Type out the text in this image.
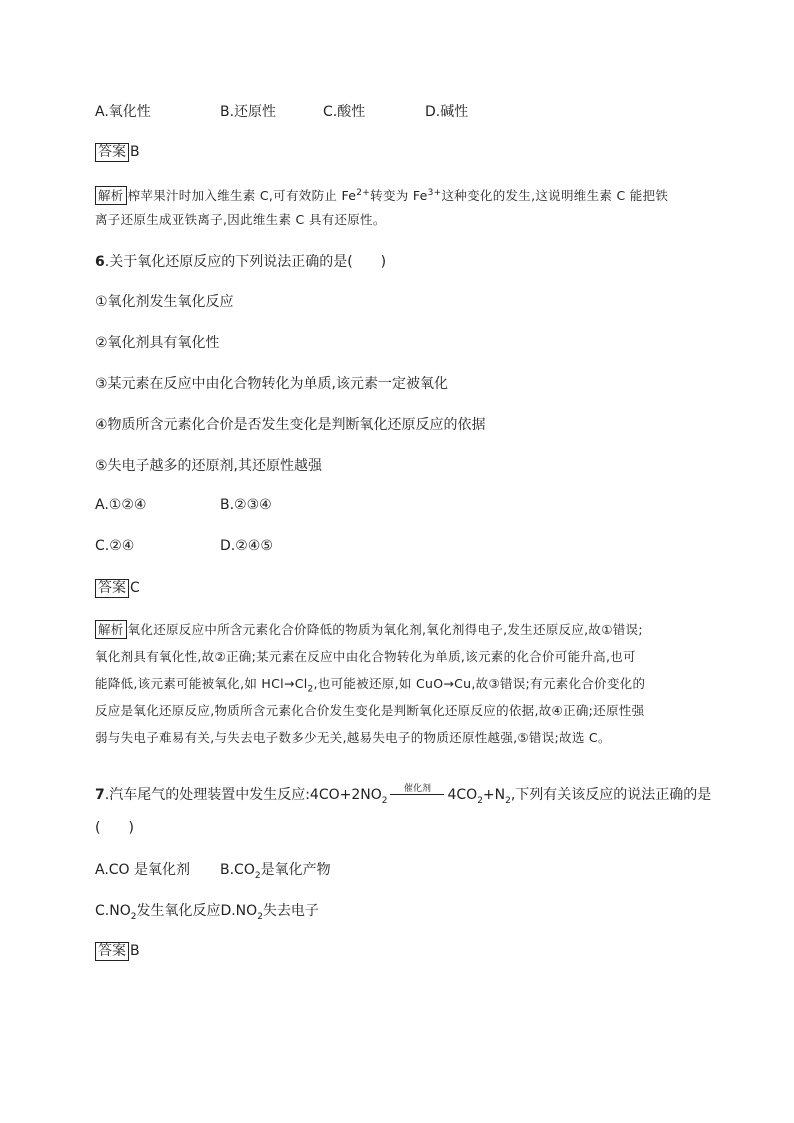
A.氧化性	B.还原性	C.酸性	D.碱性
答案 B
解析 榨苹果汁时加入维生素 C,可有效防止 $Fe^{2+}$转变为 $Fe^{3+}$这种变化的发生,这说明维生素 C 能把铁
离子还原生成亚铁离子,因此维生素 C 具有还原性。
6.关于氧化还原反应的下列说法正确的是(　　)
①氧化剂发生氧化反应
②氧化剂具有氧化性
③某元素在反应中由化合物转化为单质,该元素一定被氧化
④物质所含元素化合价是否发生变化是判断氧化还原反应的依据
⑤失电子越多的还原剂,其还原性越强
A.①②④	B.②③④
C.②④	D.②④⑤
答案 C
解析 氧化还原反应中所含元素化合价降低的物质为氧化剂,氧化剂得电子,发生还原反应,故①错误;
氧化剂具有氧化性,故②正确;某元素在反应中由化合物转化为单质,该元素的化合价可能升高,也可
能降低,该元素可能被氧化,如 $HCl\to Cl_2$,也可能被还原,如 CuO→Cu,故③错误;有元素化合价变化的
反应是氧化还原反应,物质所含元素化合价发生变化是判断氧化还原反应的依据,故④正确;还原性强
弱与失电子难易有关,与失去电子数多少无关,越易失电子的物质还原性越强,⑤错误;故选 C。
7.汽车尾气的处理装置中发生反应$:4CO+2NO_2$
催化剂	$4CO_2+N_2$,下列有关该反应的说法正确的是
(　　)
A.CO 是氧化剂 $B.CO_2$是氧化产物
$C.NO_2$发生氧化反应$D.NO_2$失去电子
答案 B
